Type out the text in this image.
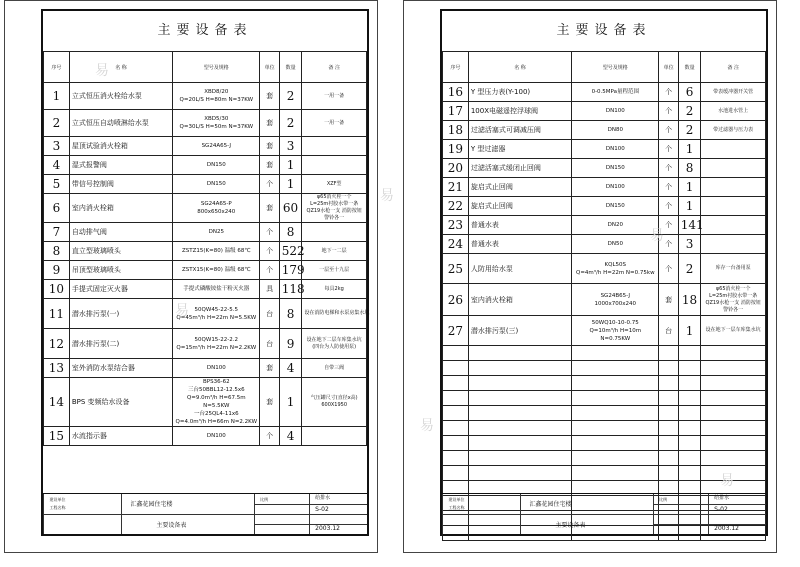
主要设备表
序号	名 称	型号及规格	单位	数量	备 注
1	立式恒压消火栓给水泵	XBD8/20
Q=20L/S H=80m N=37KW	套	2	一用一备
2	立式恒压自动喷淋给水泵	XBD5/30
Q=30L/S H=50m N=37KW	套	2	一用一备
3	屋顶试验消火栓箱	SG24A65-J	套	3	
4	湿式报警阀	DN150	套	1	
5	带信号控制阀	DN150	个	1	XZF型
6	室内消火栓箱	SG24A65-P
800x650x240	套	60	φ65消火栓一个
L=25m衬胶水带一条
QZ19水枪一支 消防按钮 警铃各一
7	自动排气阀	DN25	个	8	
8	直立型玻璃喷头	ZSTZ15(K=80) 温级 68℃	个	522	地下一二层
9	吊顶型玻璃喷头	ZSTX15(K=80) 温级 68℃	个	179	一层至十九层
10	手提式固定灭火器	手提式磷酸铵盐干粉灭火器	具	118	每具2kg
11	潜水排污泵(一)	50QW45-22-5.5
Q=45m³/h H=22m N=5.5KW	台	8	设在消防电梯和水泵房集水坑
12	潜水排污泵(二)	50QW15-22-2.2
Q=15m³/h H=22m N=2.2KW	台	9	设在地下二层车库集水坑
(四台为人防使用泵)
13	室外消防水泵结合器	DN100	套	4	自带三阀
14	BPS 变频给水设备	BPS36-62
三台50BBL12-12.5x6
Q=9.0m³/h H=67.5m N=5.5KW
一台25QL4-11x6
Q=4.0m³/h H=66m N=2.2KW	套	1	气压罐尺寸(直径x高)
600X1950
15	水流指示器	DN100	个	4	
建设单位
工程名称	汇鑫花园住宅楼
主要设备表
比例	给排水
S-02
2003.12
主要设备表
序号	名 称	型号及规格	单位	数量	备 注
16	Y 型压力表(Y-100)	0-0.5MPa量程范围	个	6	带表缓冲器开关管
17	100X电磁遥控浮球阀	DN100	个	2	水池进水管上
18	过滤活塞式可调减压阀	DN80	个	2	带过滤器与压力表
19	Y 型过滤器	DN100	个	1	
20	过滤活塞式缓闭止回阀	DN150	个	8	
21	旋启式止回阀	DN100	个	1	
22	旋启式止回阀	DN150	个	1	
23	普通水表	DN20	个	141	
24	普通水表	DN50	个	3	
25	人防用给水泵	KQL50S
Q=4m³/h H=22m N=0.75kw	个	2	库存一台备用泵
26	室内消火栓箱	SG24B65-J
1000x700x240	套	18	φ65消火栓一个
L=25m衬胶水带一条
QZ19水枪一支 消防按钮 警铃各一
27	潜水排污泵(三)	50WQ10-10-0.75
Q=10m³/h H=10m N=0.75KW	台	1	设在地下一层车库集水坑

建设单位
工程名称	汇鑫花园住宅楼
主要设备表
比例	给排水
S-02
2003.12
易
易
易
易
易
易
